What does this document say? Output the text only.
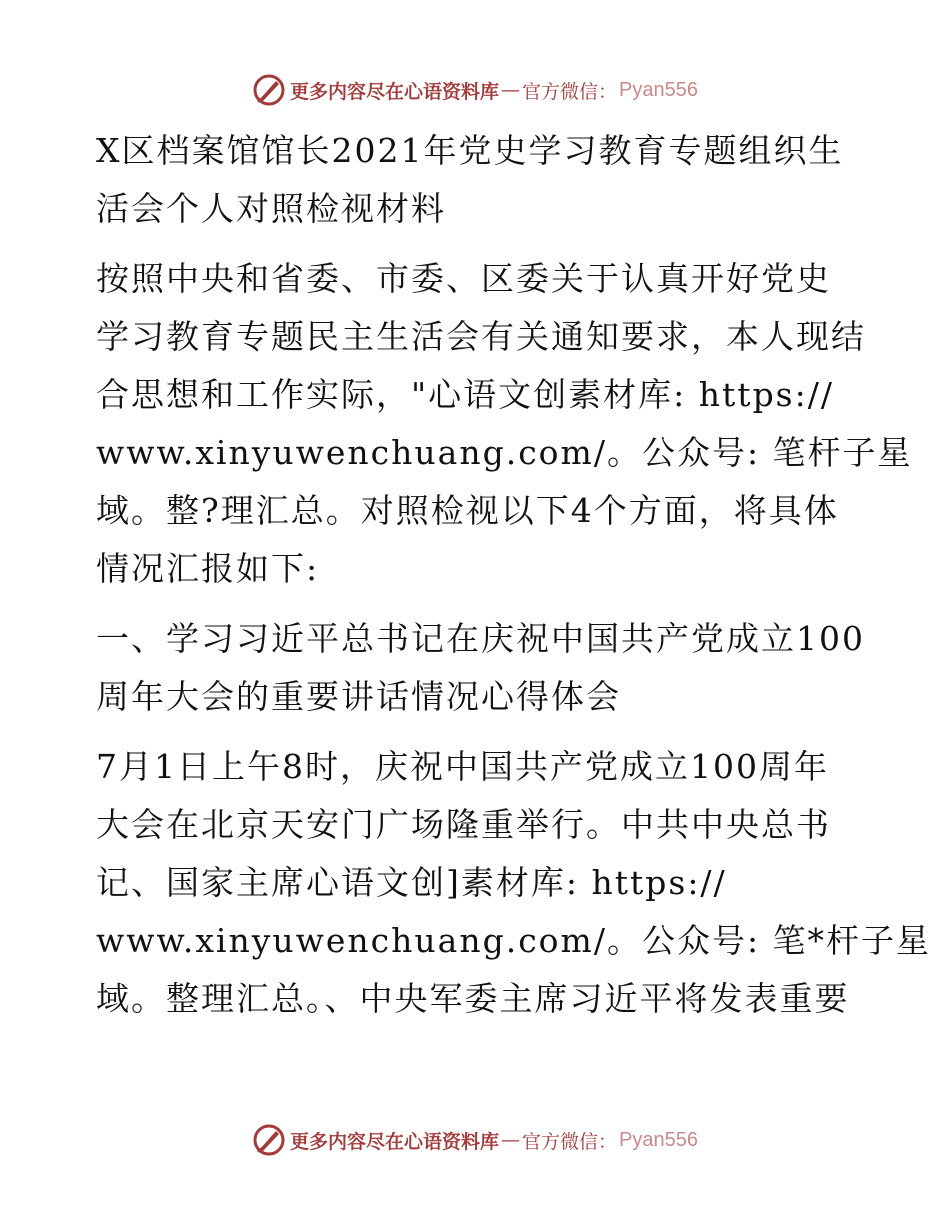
更多内容尽在心语资料库 — 官方微信： Pyan556
X区档案馆馆长2021年党史学习教育专题组织生
活会个人对照检视材料
按照中央和省委、市委、区委关于认真开好党史
学习教育专题民主生活会有关通知要求，本人现结
合思想和工作实际，"心语文创素材库: https://
www.xinyuwenchuang.com/。公众号: 笔杆子星
域。整?理汇总。对照检视以下4个方面，将具体
情况汇报如下:
一、学习习近平总书记在庆祝中国共产党成立100
周年大会的重要讲话情况心得体会
7月1日上午8时，庆祝中国共产党成立100周年
大会在北京天安门广场隆重举行。中共中央总书
记、国家主席心语文创]素材库: https://
www.xinyuwenchuang.com/。公众号: 笔*杆子星
域。整理汇总。、中央军委主席习近平将发表重要
更多内容尽在心语资料库 — 官方微信： Pyan556
